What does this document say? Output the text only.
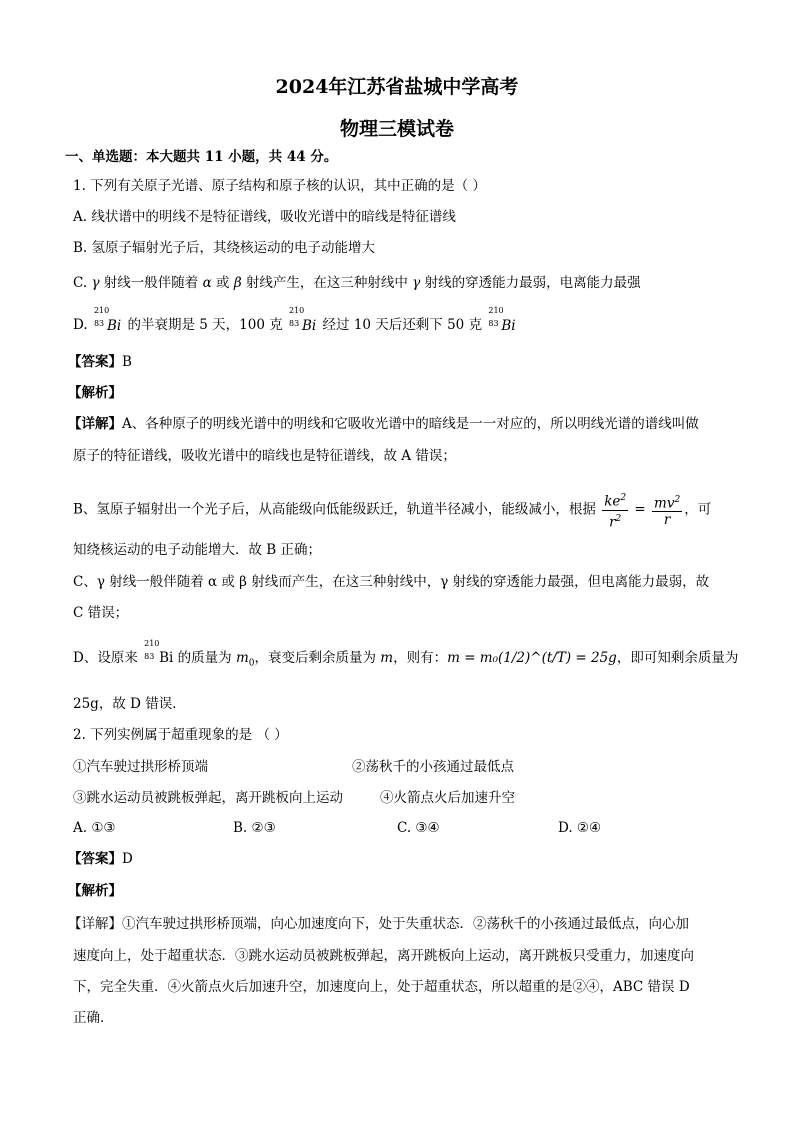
2024年江苏省盐城中学高考
物理三模试卷
一、单选题：本大题共 11 小题，共 44 分。
1. 下列有关原子光谱、原子结构和原子核的认识，其中正确的是（ ）
A. 线状谱中的明线不是特征谱线，吸收光谱中的暗线是特征谱线
B. 氢原子辐射光子后，其绕核运动的电子动能增大
C. γ 射线一般伴随着 α 或 β 射线产生，在这三种射线中 γ 射线的穿透能力最弱，电离能力最强
D.
210
83 Bi 的半衰期是 5 天，100 克
210
83 Bi 经过 10 天后还剩下 50 克
210
83 Bi
【答案】B
【解析】
【详解】A、各种原子的明线光谱中的明线和它吸收光谱中的暗线是一一对应的，所以明线光谱的谱线叫做
原子的特征谱线，吸收光谱中的暗线也是特征谱线，故 A 错误；
B、氢原子辐射出一个光子后，从高能级向低能级跃迁，轨道半径减小，能级减小，根据 $\frac{ke^2}{r^2} = \frac{mv^2}{r}$ ，可
知绕核运动的电子动能增大．故 B 正确；
C、γ 射线一般伴随着 α 或 β 射线而产生，在这三种射线中，γ 射线的穿透能力最强，但电离能力最弱，故
C 错误；
D、设原来
210
83 Bi 的质量为 $m_0$，衰变后剩余质量为 m，则有：m = m₀(1/2)^(t/T) = 25g，即可知剩余质量为
25g，故 D 错误．
2. 下列实例属于超重现象的是 （ ）
①汽车驶过拱形桥顶端	②荡秋千的小孩通过最低点
③跳水运动员被跳板弹起，离开跳板向上运动	④火箭点火后加速升空
A. ①③	B. ②③	C. ③④	D. ②④
【答案】D
【解析】
【详解】①汽车驶过拱形桥顶端，向心加速度向下，处于失重状态．②荡秋千的小孩通过最低点，向心加
速度向上，处于超重状态．③跳水运动员被跳板弹起，离开跳板向上运动，离开跳板只受重力，加速度向
下，完全失重．④火箭点火后加速升空，加速度向上，处于超重状态，所以超重的是②④，ABC 错误 D
正确．
